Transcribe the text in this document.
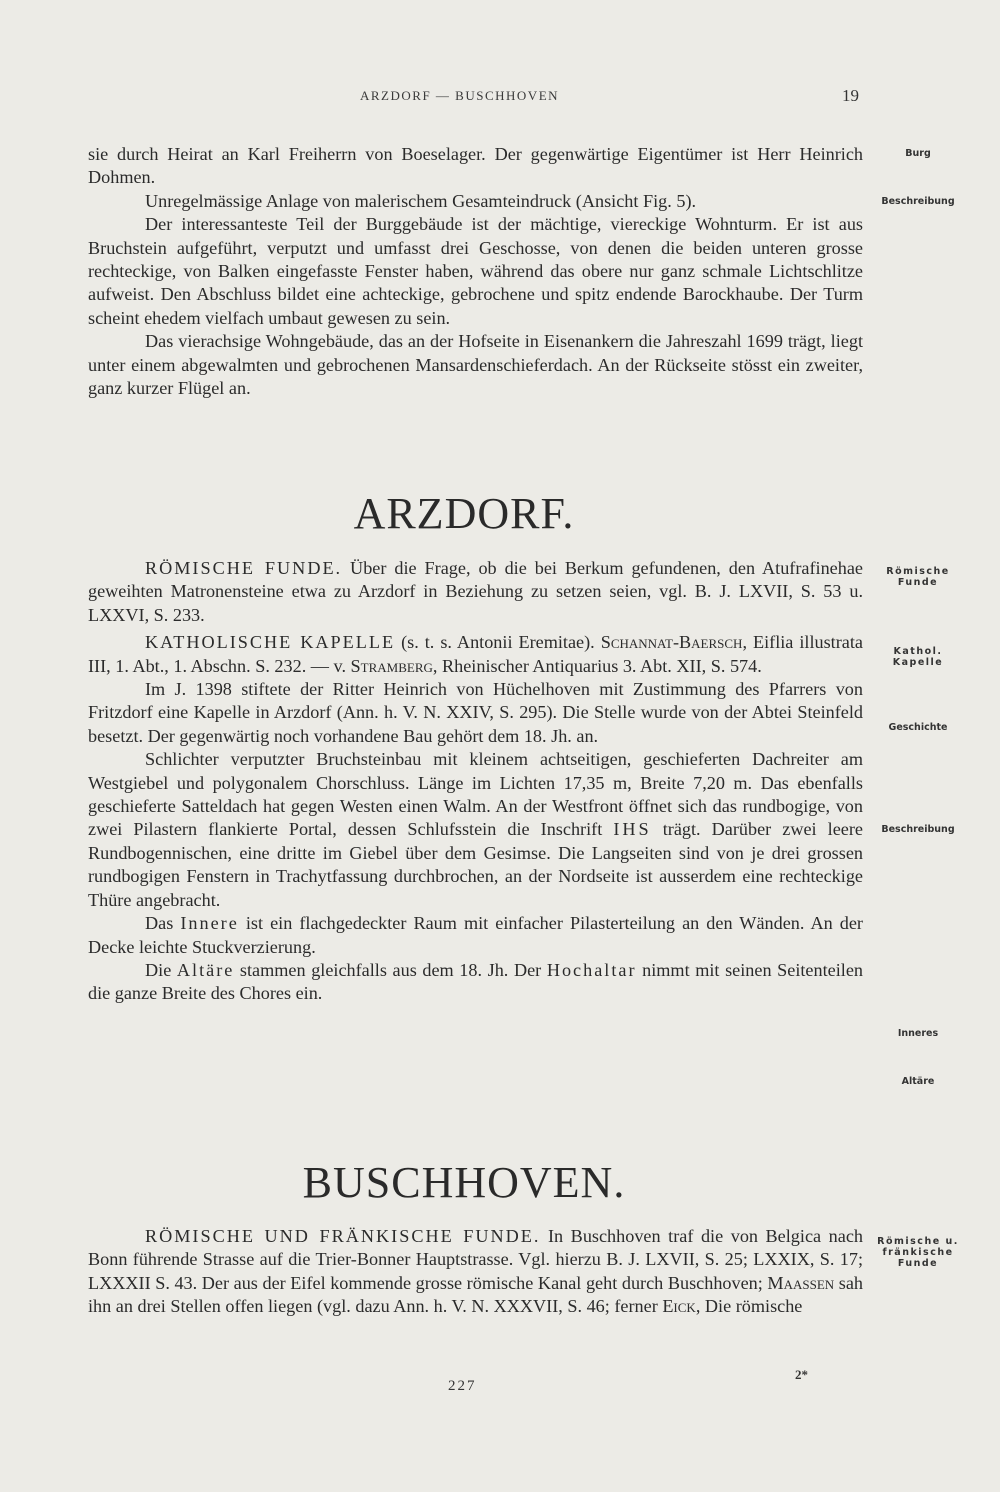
ARZDORF — BUSCHHOVEN	19

sie durch Heirat an Karl Freiherrn von Boeselager. Der gegenwärtige Eigentümer ist Herr Heinrich Dohmen.

Unregelmässige Anlage von malerischem Gesamteindruck (Ansicht Fig. 5).

Der interessanteste Teil der Burggebäude ist der mächtige, viereckige Wohnturm. Er ist aus Bruchstein aufgeführt, verputzt und umfasst drei Geschosse, von denen die beiden unteren grosse rechteckige, von Balken eingefasste Fenster haben, während das obere nur ganz schmale Lichtschlitze aufweist. Den Abschluss bildet eine achteckige, gebrochene und spitz endende Barockhaube. Der Turm scheint ehedem vielfach umbaut gewesen zu sein.

Das vierachsige Wohngebäude, das an der Hofseite in Eisenankern die Jahreszahl 1699 trägt, liegt unter einem abgewalmten und gebrochenen Mansardenschieferdach. An der Rückseite stösst ein zweiter, ganz kurzer Flügel an.

Burg
Beschreibung
ARZDORF.

RÖMISCHE FUNDE. Über die Frage, ob die bei Berkum gefundenen, den Atufrafinehae geweihten Matronensteine etwa zu Arzdorf in Beziehung zu setzen seien, vgl. B. J. LXVII, S. 53 u. LXXVI, S. 233.

KATHOLISCHE KAPELLE (s. t. s. Antonii Eremitae). Schannat-Baersch, Eiflia illustrata III, 1. Abt., 1. Abschn. S. 232. — v. Stramberg, Rheinischer Antiquarius 3. Abt. XII, S. 574.

Im J. 1398 stiftete der Ritter Heinrich von Hüchelhoven mit Zustimmung des Pfarrers von Fritzdorf eine Kapelle in Arzdorf (Ann. h. V. N. XXIV, S. 295). Die Stelle wurde von der Abtei Steinfeld besetzt. Der gegenwärtig noch vorhandene Bau gehört dem 18. Jh. an.

Schlichter verputzter Bruchsteinbau mit kleinem achtseitigen, geschieferten Dachreiter am Westgiebel und polygonalem Chorschluss. Länge im Lichten 17,35 m, Breite 7,20 m. Das ebenfalls geschieferte Satteldach hat gegen Westen einen Walm. An der Westfront öffnet sich das rundbogige, von zwei Pilastern flankierte Portal, dessen Schlufsstein die Inschrift IHS trägt. Darüber zwei leere Rundbogennischen, eine dritte im Giebel über dem Gesimse. Die Langseiten sind von je drei grossen rundbogigen Fenstern in Trachytfassung durchbrochen, an der Nordseite ist ausserdem eine rechteckige Thüre angebracht.

Das Innere ist ein flachgedeckter Raum mit einfacher Pilasterteilung an den Wänden. An der Decke leichte Stuckverzierung.

Die Altäre stammen gleichfalls aus dem 18. Jh. Der Hochaltar nimmt mit seinen Seitenteilen die ganze Breite des Chores ein.

Römische Funde
Kathol. Kapelle
Geschichte
Beschreibung
Inneres
Altäre
BUSCHHOVEN.

RÖMISCHE UND FRÄNKISCHE FUNDE. In Buschhoven traf die von Belgica nach Bonn führende Strasse auf die Trier-Bonner Hauptstrasse. Vgl. hierzu B. J. LXVII, S. 25; LXXIX, S. 17; LXXXII S. 43. Der aus der Eifel kommende grosse römische Kanal geht durch Buschhoven; Maassen sah ihn an drei Stellen offen liegen (vgl. dazu Ann. h. V. N. XXXVII, S. 46; ferner Eick, Die römische

Römische u. fränkische Funde
2*
227
